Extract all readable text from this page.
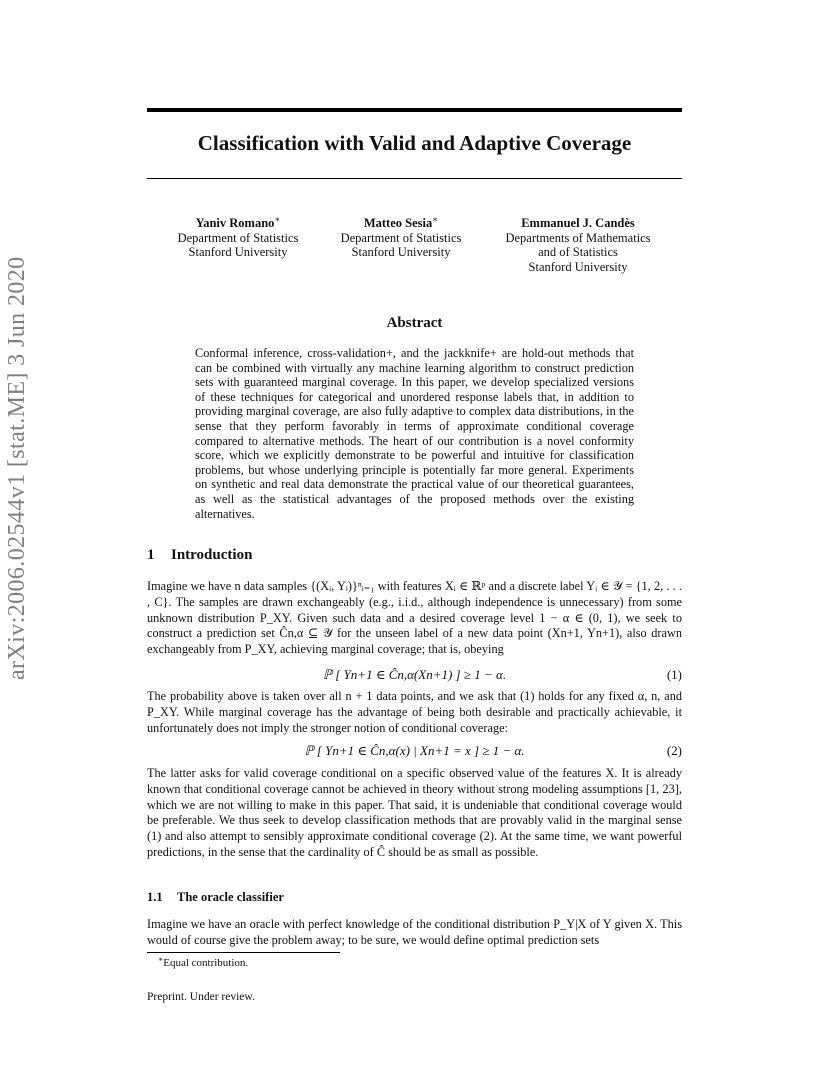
Classification with Valid and Adaptive Coverage
Yaniv Romano∗
Department of Statistics
Stanford University
Matteo Sesia∗
Department of Statistics
Stanford University
Emmanuel J. Candès
Departments of Mathematics
and of Statistics
Stanford University
Abstract
Conformal inference, cross-validation+, and the jackknife+ are hold-out methods that can be combined with virtually any machine learning algorithm to construct prediction sets with guaranteed marginal coverage. In this paper, we develop specialized versions of these techniques for categorical and unordered response labels that, in addition to providing marginal coverage, are also fully adaptive to complex data distributions, in the sense that they perform favorably in terms of approximate conditional coverage compared to alternative methods. The heart of our contribution is a novel conformity score, which we explicitly demonstrate to be powerful and intuitive for classification problems, but whose underlying principle is potentially far more general. Experiments on synthetic and real data demonstrate the practical value of our theoretical guarantees, as well as the statistical advantages of the proposed methods over the existing alternatives.
1 Introduction
Imagine we have n data samples {(Xᵢ, Yᵢ)}ⁿᵢ₌₁ with features Xᵢ ∈ ℝᵖ and a discrete label Yᵢ ∈ 𝒴 = {1, 2, . . . , C}. The samples are drawn exchangeably (e.g., i.i.d., although independence is unnecessary) from some unknown distribution P_XY. Given such data and a desired coverage level 1 − α ∈ (0, 1), we seek to construct a prediction set Ĉn,α ⊆ 𝒴 for the unseen label of a new data point (Xn+1, Yn+1), also drawn exchangeably from P_XY, achieving marginal coverage; that is, obeying
ℙ [ Yn+1 ∈ Ĉn,α(Xn+1) ] ≥ 1 − α.	(1)
The probability above is taken over all n + 1 data points, and we ask that (1) holds for any fixed α, n, and P_XY. While marginal coverage has the advantage of being both desirable and practically achievable, it unfortunately does not imply the stronger notion of conditional coverage:
ℙ [ Yn+1 ∈ Ĉn,α(x) | Xn+1 = x ] ≥ 1 − α.	(2)
The latter asks for valid coverage conditional on a specific observed value of the features X. It is already known that conditional coverage cannot be achieved in theory without strong modeling assumptions [1, 23], which we are not willing to make in this paper. That said, it is undeniable that conditional coverage would be preferable. We thus seek to develop classification methods that are provably valid in the marginal sense (1) and also attempt to sensibly approximate conditional coverage (2). At the same time, we want powerful predictions, in the sense that the cardinality of Ĉ should be as small as possible.
1.1 The oracle classifier
Imagine we have an oracle with perfect knowledge of the conditional distribution P_Y|X of Y given X. This would of course give the problem away; to be sure, we would define optimal prediction sets
∗Equal contribution.
Preprint. Under review.
arXiv:2006.02544v1 [stat.ME] 3 Jun 2020
